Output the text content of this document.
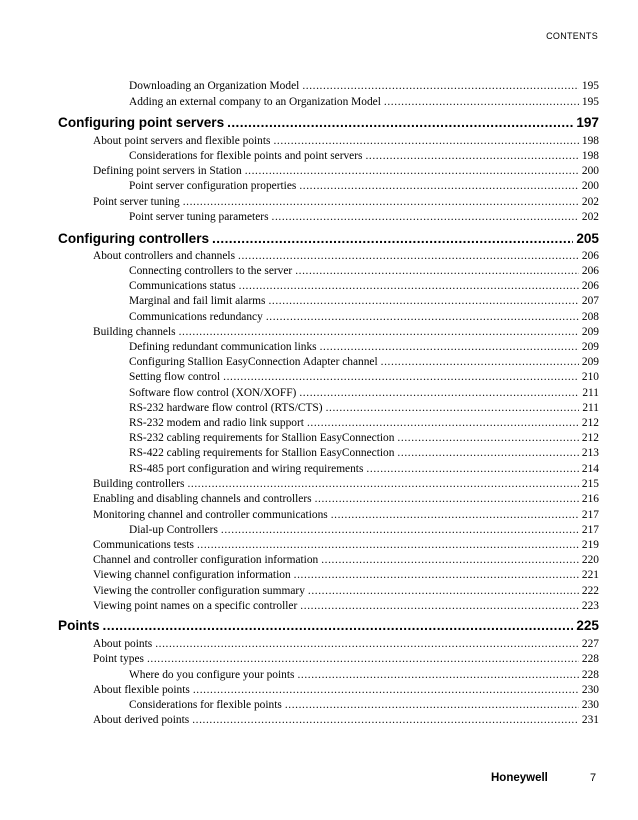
CONTENTS
Downloading an Organization Model .....	195
Adding an external company to an Organization Model .....	195
Configuring point servers .....	197
About point servers and flexible points .....	198
Considerations for flexible points and point servers .....	198
Defining point servers in Station .....	200
Point server configuration properties .....	200
Point server tuning .....	202
Point server tuning parameters .....	202
Configuring controllers .....	205
About controllers and channels .....	206
Connecting controllers to the server .....	206
Communications status .....	206
Marginal and fail limit alarms .....	207
Communications redundancy .....	208
Building channels .....	209
Defining redundant communication links .....	209
Configuring Stallion EasyConnection Adapter channel .....	209
Setting flow control .....	210
Software flow control (XON/XOFF) .....	211
RS-232 hardware flow control (RTS/CTS) .....	211
RS-232 modem and radio link support .....	212
RS-232 cabling requirements for Stallion EasyConnection .....	212
RS-422 cabling requirements for Stallion EasyConnection .....	213
RS-485 port configuration and wiring requirements .....	214
Building controllers .....	215
Enabling and disabling channels and controllers .....	216
Monitoring channel and controller communications .....	217
Dial-up Controllers .....	217
Communications tests .....	219
Channel and controller configuration information .....	220
Viewing channel configuration information .....	221
Viewing the controller configuration summary .....	222
Viewing point names on a specific controller .....	223
Points .....	225
About points .....	227
Point types .....	228
Where do you configure your points .....	228
About flexible points .....	230
Considerations for flexible points .....	230
About derived points .....	231
Honeywell	7
